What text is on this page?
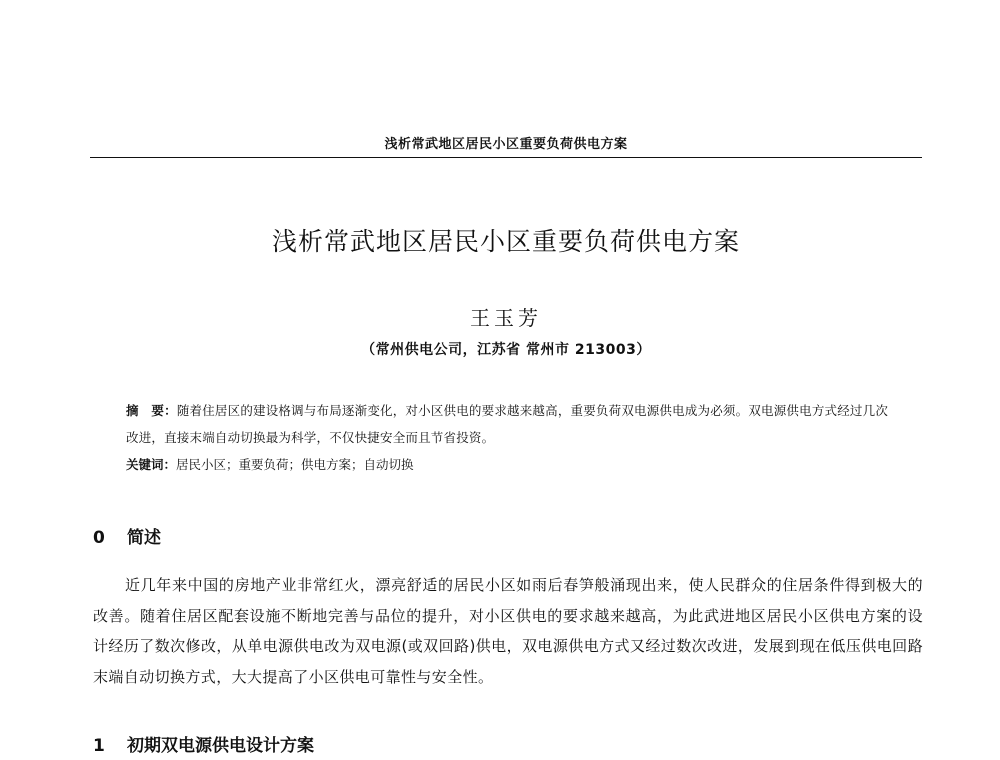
浅析常武地区居民小区重要负荷供电方案
浅析常武地区居民小区重要负荷供电方案
王玉芳
（常州供电公司，江苏省 常州市 213003）
摘　要：随着住居区的建设格调与布局逐渐变化，对小区供电的要求越来越高，重要负荷双电源供电成为必须。双电源供电方式经过几次改进，直接末端自动切换最为科学，不仅快捷安全而且节省投资。
关键词：居民小区；重要负荷；供电方案；自动切换
0 简述
近几年来中国的房地产业非常红火，漂亮舒适的居民小区如雨后春笋般涌现出来，使人民群众的住居条件得到极大的改善。随着住居区配套设施不断地完善与品位的提升，对小区供电的要求越来越高，为此武进地区居民小区供电方案的设计经历了数次修改，从单电源供电改为双电源(或双回路)供电，双电源供电方式又经过数次改进，发展到现在低压供电回路末端自动切换方式，大大提高了小区供电可靠性与安全性。
1 初期双电源供电设计方案
